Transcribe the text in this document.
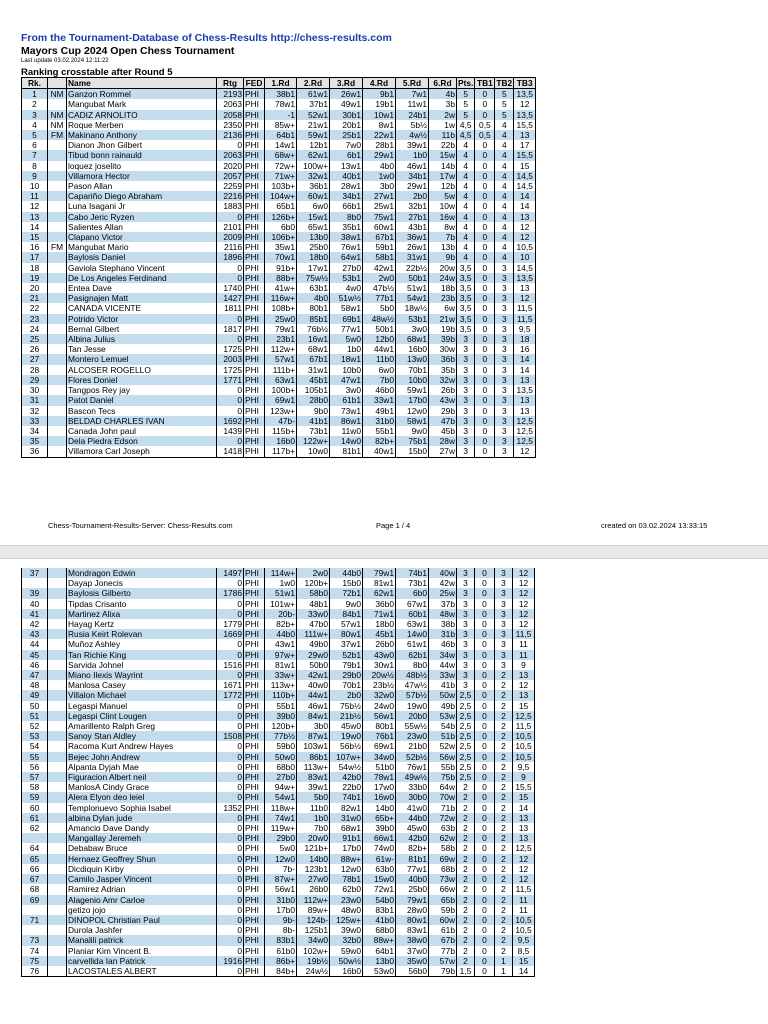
From the Tournament-Database of Chess-Results http://chess-results.com
Mayors Cup 2024 Open Chess Tournament
Last update 03.02.2024 12:11:22
Ranking crosstable after Round 5
Rk.		Name	Rtg	FED	1.Rd	2.Rd	3.Rd	4.Rd	5.Rd	6.Rd	Pts.	TB1	TB2	TB3
1	NM	Ganzon Rommel	2193	PHI	38b1	61w1	26w1	9b1	7w1	4b	5	0	5	13,5
2		Mangubat Mark	2063	PHI	78w1	37b1	49w1	19b1	11w1	3b	5	0	5	12
3	NM	CADIZ ARNOLITO	2058	PHI	-1	52w1	30b1	10w1	24b1	2w	5	0	5	13,5
4	NM	Roque Merben	2350	PHI	85w+	21w1	20b1	8w1	5b½	1w	4,5	0,5	4	15,5
5	FM	Makinano Anthony	2136	PHI	64b1	59w1	25b1	22w1	4w½	11b	4,5	0,5	4	13
6		Dianon Jhon Gilbert	0	PHI	14w1	12b1	7w0	28b1	39w1	22b	4	0	4	17
7		Tibud bonn rainauld	2063	PHI	68w+	62w1	6b1	29w1	1b0	15w	4	0	4	15,5
8		loquez joselito	2020	PHI	72w+	100w+	13w1	4b0	46w1	14b	4	0	4	15
9		Villamora Hector	2057	PHI	71w+	32w1	40b1	1w0	34b1	17w	4	0	4	14,5
10		Pason Allan	2259	PHI	103b+	36b1	28w1	3b0	29w1	12b	4	0	4	14,5
11		Capariño Diego Abraham	2216	PHI	104w+	60w1	34b1	27w1	2b0	5w	4	0	4	14
12		Luna Isagani Jr	1883	PHI	65b1	6w0	66b1	25w1	32b1	10w	4	0	4	14
13		Cabo Jeric Ryzen	0	PHI	126b+	15w1	8b0	75w1	27b1	16w	4	0	4	13
14		Salientes Allan	2101	PHI	6b0	65w1	35b1	60w1	43b1	8w	4	0	4	12
15		Clapano Victor	2009	PHI	106b+	13b0	38w1	67b1	36w1	7b	4	0	4	12
16	FM	Mangubat Mario	2116	PHI	35w1	25b0	76w1	59b1	26w1	13b	4	0	4	10,5
17		Baylosis Daniel	1896	PHI	70w1	18b0	64w1	58b1	31w1	9b	4	0	4	10
18		Gaviola Stephano Vincent	0	PHI	91b+	17w1	27b0	42w1	22b½	20w	3,5	0	3	14,5
19		De Los Angeles Ferdinand	0	PHI	88b+	75w½	53b1	2w0	50b1	24w	3,5	0	3	13,5
20		Entea Dave	1740	PHI	41w+	63b1	4w0	47b½	51w1	18b	3,5	0	3	13
21		Pasignajen Matt	1427	PHI	116w+	4b0	51w½	77b1	54w1	23b	3,5	0	3	12
22		CANADA VICENTE	1811	PHI	108b+	80b1	58w1	5b0	18w½	6w	3,5	0	3	11,5
23		Potrido Victor	0	PHI	25w0	85b1	69b1	48w½	53b1	21w	3,5	0	3	11,5
24		Bernal Gilbert	1817	PHI	79w1	76b½	77w1	50b1	3w0	19b	3,5	0	3	9,5
25		Albina Julius	0	PHI	23b1	16w1	5w0	12b0	68w1	39b	3	0	3	18
26		Tan Jesse	1725	PHI	112w+	68w1	1b0	44w1	16b0	30w	3	0	3	16
27		Montero Lemuel	2003	PHI	57w1	67b1	18w1	11b0	13w0	36b	3	0	3	14
28		ALCOSER ROGELLO	1725	PHI	111b+	31w1	10b0	6w0	70b1	35b	3	0	3	14
29		Flores Doniel	1771	PHI	63w1	45b1	47w1	7b0	10b0	32w	3	0	3	13
30		Tangpos Rey jay	0	PHI	100b+	105b1	3w0	46b0	59w1	26b	3	0	3	13,5
31		Patot Daniel	0	PHI	69w1	28b0	61b1	33w1	17b0	43w	3	0	3	13
32		Bascon Tecs	0	PHI	123w+	9b0	73w1	49b1	12w0	29b	3	0	3	13
33		BELDAD CHARLES IVAN	1692	PHI	47b-	41b1	86w1	31b0	58w1	47b	3	0	3	12,5
34		Canada John paul	1439	PHI	115b+	73b1	11w0	55b1	9w0	45b	3	0	3	12,5
35		Dela Piedra Edson	0	PHI	16b0	122w+	14w0	82b+	75b1	28w	3	0	3	12,5
36		Villamora Carl Joseph	1418	PHI	117b+	10w0	81b1	40w1	15b0	27w	3	0	3	12
Chess-Tournament-Results-Server: Chess-Results.com	Page 1 / 4	created on 03.02.2024 13:33:15
37		Mondragon Edwin	1497	PHI	114w+	2w0	44b0	79w1	74b1	40w	3	0	3	12
		Dayap Jonecis	0	PHI	1w0	120b+	15b0	81w1	73b1	42w	3	0	3	12
39		Baylosis Gilberto	1786	PHI	51w1	58b0	72b1	62w1	6b0	25w	3	0	3	12
40		Tipdas Crisanto	0	PHI	101w+	48b1	9w0	36b0	67w1	37b	3	0	3	12
41		Martinez Alixa	0	PHI	20b-	33w0	84b1	71w1	60b1	48w	3	0	3	12
42		Hayag Kertz	1779	PHI	82b+	47b0	57w1	18b0	63w1	38b	3	0	3	12
43		Rusia Keirt Rolevan	1669	PHI	44b0	111w+	80w1	45b1	14w0	31b	3	0	3	11,5
44		Muñoz Ashley	0	PHI	43w1	49b0	37w1	26b0	61w1	46b	3	0	3	11
45		Tan Richie King	0	PHI	97w+	29w0	52b1	43w0	62b1	34w	3	0	3	11
46		Sarvida Johnel	1516	PHI	81w1	50b0	79b1	30w1	8b0	44w	3	0	3	9
47		Miano Ilexis Wayrint	0	PHI	33w+	42w1	29b0	20w½	48b½	33w	3	0	2	13
48		Manlosa Casey	1671	PHI	113w+	40w0	70b1	23b½	47w½	41b	3	0	2	12
49		Villalon Michael	1772	PHI	110b+	44w1	2b0	32w0	57b½	50w	2,5	0	2	13
50		Legaspi Manuel	0	PHI	55b1	46w1	75b½	24w0	19w0	49b	2,5	0	2	15
51		Legaspi Clint Lougen	0	PHI	39b0	84w1	21b½	56w1	20b0	53w	2,5	0	2	12,5
52		Amarillento Ralph Greg	0	PHI	120b+	3b0	45w0	80b1	55w½	54b	2,5	0	2	11,5
53		Sanoy Stan Aldley	1508	PHI	77b½	87w1	19w0	76b1	23w0	51b	2,5	0	2	10,5
54		Racoma Kurt Andrew Hayes	0	PHI	59b0	103w1	56b½	69w1	21b0	52w	2,5	0	2	10,5
55		Bejec John Andrew	0	PHI	50w0	86b1	107w+	34w0	52b½	56w	2,5	0	2	10,5
56		Alpanta Dyjah Mae	0	PHI	68b0	113w+	54w½	51b0	76w1	55b	2,5	0	2	9,5
57		Figuracion Albert neil	0	PHI	27b0	83w1	42b0	78w1	49w½	75b	2,5	0	2	9
58		ManlosA Cindy Grace	0	PHI	94w+	39w1	22b0	17w0	33b0	64w	2	0	2	15,5
59		Alera Elyon deo leiel	0	PHI	54w1	5b0	74b1	16w0	30b0	70w	2	0	2	15
60		Templonuevo Sophia Isabel	1352	PHI	118w+	11b0	82w1	14b0	41w0	71b	2	0	2	14
61		albina Dylan jude	0	PHI	74w1	1b0	31w0	65b+	44b0	72w	2	0	2	13
62		Amancio Dave Dandy	0	PHI	119w+	7b0	68w1	39b0	45w0	63b	2	0	2	13
		Mangallay Jeremeh	0	PHI	29b0	20w0	91b1	66w1	42b0	62w	2	0	2	13
64		Debabaw Bruce	0	PHI	5w0	121b+	17b0	74w0	82b+	58b	2	0	2	12,5
65		Hernaez Geoffrey Shun	0	PHI	12w0	14b0	88w+	61w-	81b1	69w	2	0	2	12
66		Dicdiquin Kirby	0	PHI	7b-	123b1	12w0	63b0	77w1	68b	2	0	2	12
67		Camilo Jasper Vincent	0	PHI	87w+	27w0	78b1	15w0	40b0	73w	2	0	2	12
68		Ramirez Adrian	0	PHI	56w1	26b0	62b0	72w1	25b0	66w	2	0	2	11,5
69		Alagenio Amr Carloe	0	PHI	31b0	112w+	23w0	54b0	79w1	65b	2	0	2	11
		getizo jojo	0	PHI	17b0	89w+	48w0	83b1	28w0	59b	2	0	2	11
71		DINOPOL Christian Paul	0	PHI	9b-	124b-	125w+	41b0	80w1	60w	2	0	2	10,5
		Durola Jashfer	0	PHI	8b-	125b1	39w0	68b0	83w1	61b	2	0	2	10,5
73		Manalili patrick	0	PHI	83b1	34w0	32b0	88w+	38w0	67b	2	0	2	9,5
74		Planiar Kim Vincent B.	0	PHI	61b0	102w+	59w0	64b1	37w0	77b	2	0	2	8,5
75		carvellida Ian Patrick	1916	PHI	86b+	19b½	50w½	13b0	35w0	57w	2	0	1	15
76		LACOSTALES ALBERT	0	PHI	84b+	24w½	16b0	53w0	56b0	79b	1,5	0	1	14
